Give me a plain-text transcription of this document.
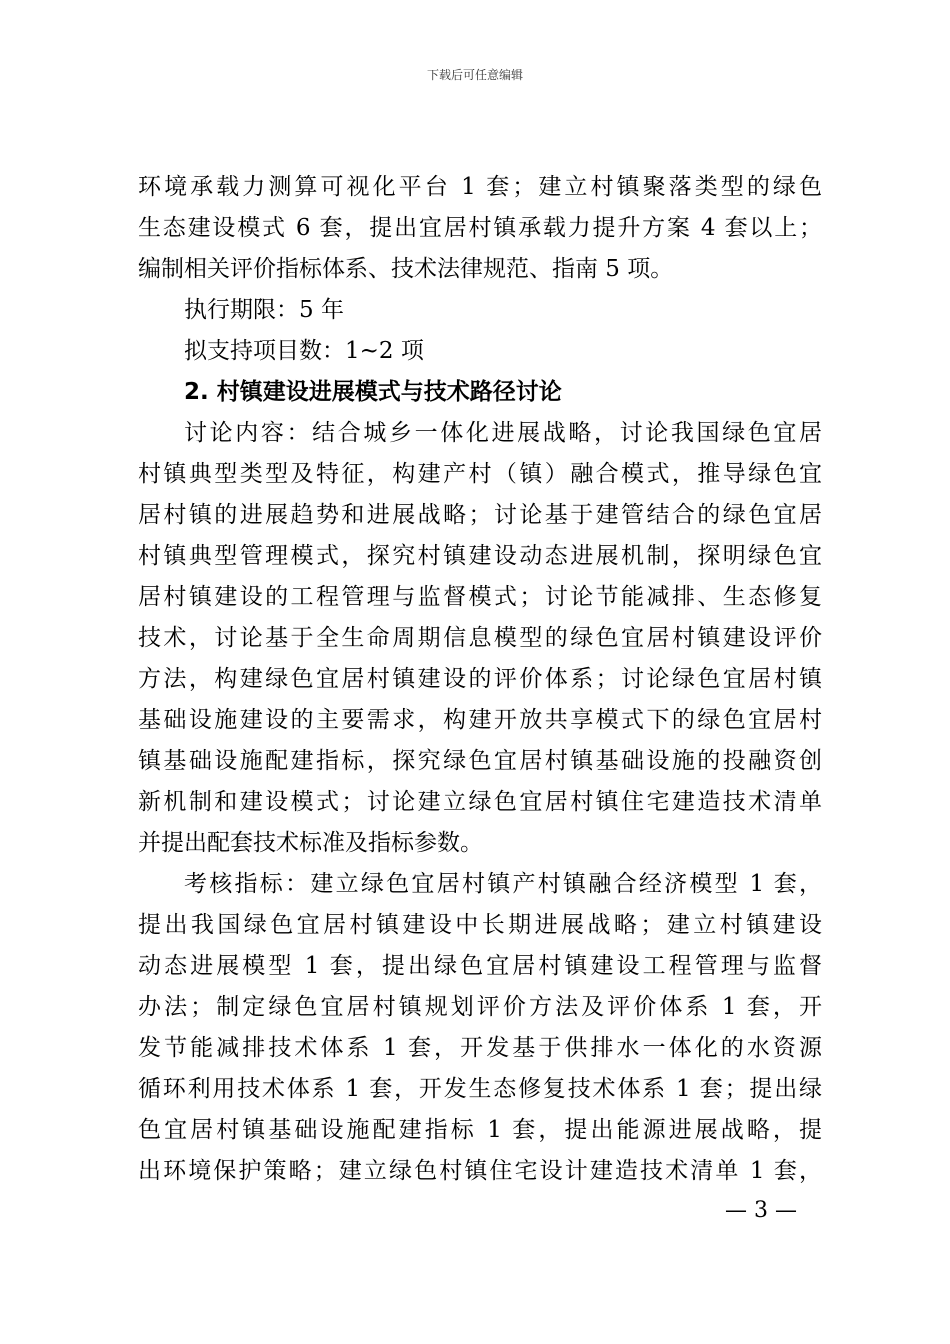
下载后可任意编辑
环境承载力测算可视化平台 1 套；建立村镇聚落类型的绿色
生态建设模式 6 套，提出宜居村镇承载力提升方案 4 套以上；
编制相关评价指标体系、技术法律规范、指南 5 项。
执行期限：5 年
拟支持项目数：1~2 项
2. 村镇建设进展模式与技术路径讨论
讨论内容：结合城乡一体化进展战略，讨论我国绿色宜居
村镇典型类型及特征，构建产村（镇）融合模式，推导绿色宜
居村镇的进展趋势和进展战略；讨论基于建管结合的绿色宜居
村镇典型管理模式，探究村镇建设动态进展机制，探明绿色宜
居村镇建设的工程管理与监督模式；讨论节能减排、生态修复
技术，讨论基于全生命周期信息模型的绿色宜居村镇建设评价
方法，构建绿色宜居村镇建设的评价体系；讨论绿色宜居村镇
基础设施建设的主要需求，构建开放共享模式下的绿色宜居村
镇基础设施配建指标，探究绿色宜居村镇基础设施的投融资创
新机制和建设模式；讨论建立绿色宜居村镇住宅建造技术清单
并提出配套技术标准及指标参数。
考核指标：建立绿色宜居村镇产村镇融合经济模型 1 套，
提出我国绿色宜居村镇建设中长期进展战略；建立村镇建设
动态进展模型 1 套，提出绿色宜居村镇建设工程管理与监督
办法；制定绿色宜居村镇规划评价方法及评价体系 1 套，开
发节能减排技术体系 1 套，开发基于供排水一体化的水资源
循环利用技术体系 1 套，开发生态修复技术体系 1 套；提出绿
色宜居村镇基础设施配建指标 1 套，提出能源进展战略，提
出环境保护策略；建立绿色村镇住宅设计建造技术清单 1 套，
— 3 —
